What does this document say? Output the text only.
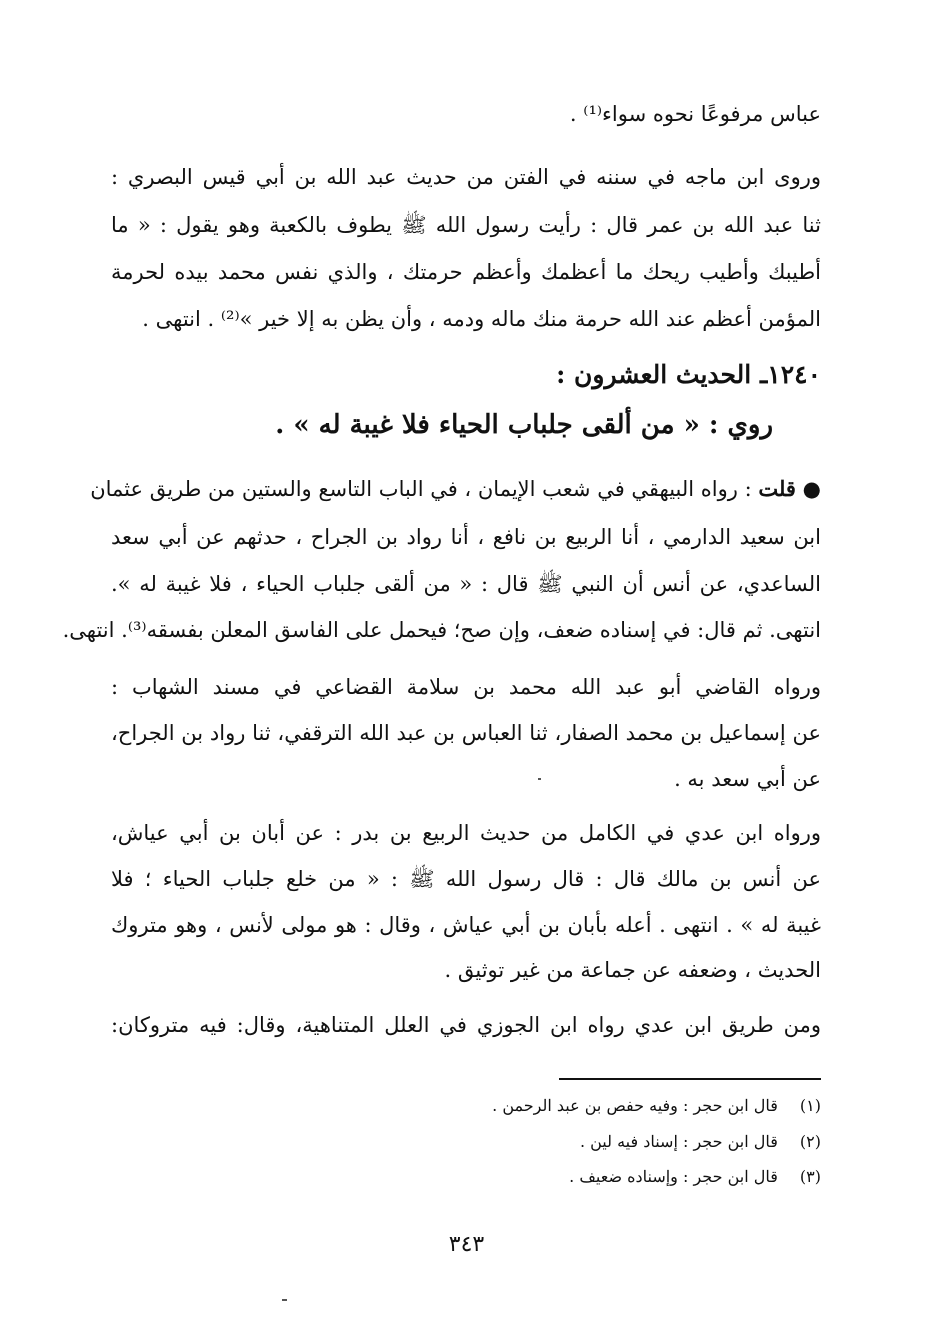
عباس مرفوعًا نحوه سواء⁽¹⁾ .
وروى ابن ماجه في سننه في الفتن من حديث عبد الله بن أبي قيس البصري :
ثنا عبد الله بن عمر قال : رأيت رسول الله ﷺ يطوف بالكعبة وهو يقول : « ما
أطيبك وأطيب ريحك ما أعظمك وأعظم حرمتك ، والذي نفس محمد بيده لحرمة
المؤمن أعظم عند الله حرمة منك ماله ودمه ، وأن يظن به إلا خير »⁽²⁾ . انتهى .
١٢٤٠ـ الحديث العشرون :
روي : « من ألقى جلباب الحياء فلا غيبة له » .
● قلت : رواه البيهقي في شعب الإيمان ، في الباب التاسع والستين من طريق عثمان
ابن سعيد الدارمي ، أنا الربيع بن نافع ، أنا رواد بن الجراح ، حدثهم عن أبي سعد
الساعدي، عن أنس أن النبي ﷺ قال : « من ألقى جلباب الحياء ، فلا غيبة له ».
انتهى. ثم قال: في إسناده ضعف، وإن صح؛ فيحمل على الفاسق المعلن بفسقه⁽³⁾. انتهى.
ورواه القاضي أبو عبد الله محمد بن سلامة القضاعي في مسند الشهاب :
عن إسماعيل بن محمد الصفار، ثنا العباس بن عبد الله الترقفي، ثنا رواد بن الجراح،
عن أبي سعد به .
ورواه ابن عدي في الكامل من حديث الربيع بن بدر : عن أبان بن أبي عياش،
عن أنس بن مالك قال : قال رسول الله ﷺ : « من خلع جلباب الحياء ؛ فلا
غيبة له » . انتهى . أعله بأبان بن أبي عياش ، وقال : هو مولى لأنس ، وهو متروك
الحديث ، وضعفه عن جماعة من غير توثيق .
ومن طريق ابن عدي رواه ابن الجوزي في العلل المتناهية، وقال: فيه متروكان:
(١) قال ابن حجر : وفيه حفص بن عبد الرحمن .
(٢) قال ابن حجر : إسناد فيه لين .
(٣) قال ابن حجر : وإسناده ضعيف .
٣٤٣
